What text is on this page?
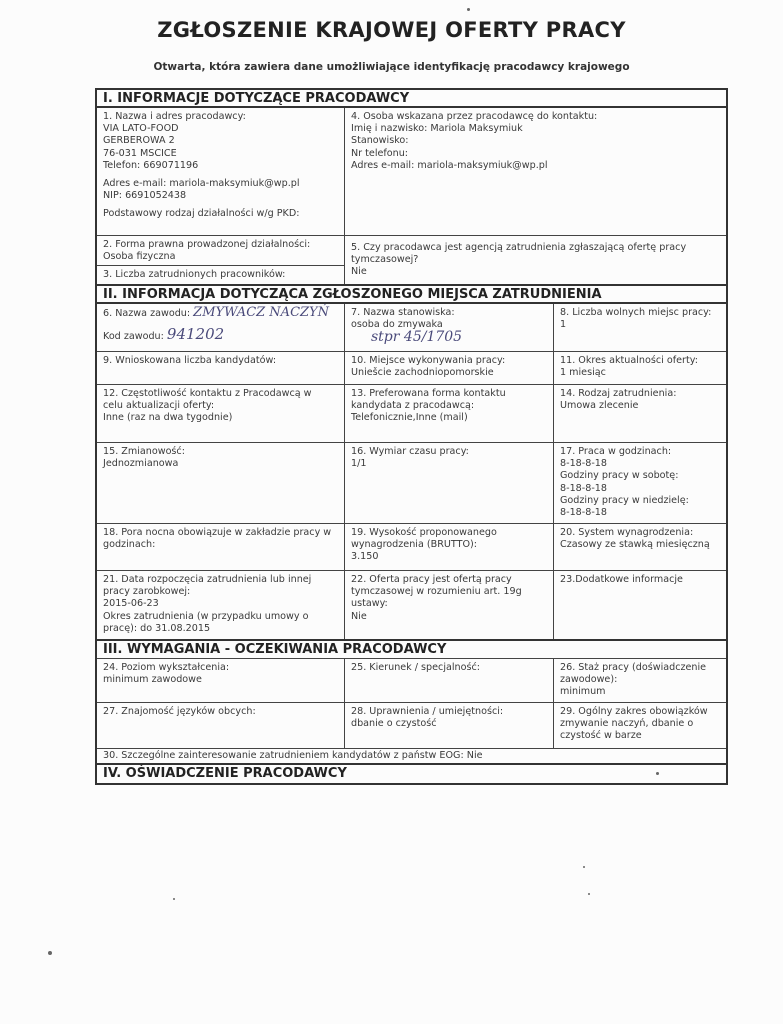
ZGŁOSZENIE KRAJOWEJ OFERTY PRACY
Otwarta, która zawiera dane umożliwiające identyfikację pracodawcy krajowego
I. INFORMACJE DOTYCZĄCE PRACODAWCY
1. Nazwa i adres pracodawcy:
VIA LATO-FOOD
GERBEROWA 2
76-031 MSCICE
Telefon: 669071196
Adres e-mail: mariola-maksymiuk@wp.pl
NIP: 6691052438
Podstawowy rodzaj działalności w/g PKD:
4. Osoba wskazana przez pracodawcę do kontaktu:
Imię i nazwisko: Mariola Maksymiuk
Stanowisko:
Nr telefonu:
Adres e-mail: mariola-maksymiuk@wp.pl
2. Forma prawna prowadzonej działalności:
Osoba fizyczna
3. Liczba zatrudnionych pracowników:
5. Czy pracodawca jest agencją zatrudnienia zgłaszającą ofertę pracy
tymczasowej?
Nie
II. INFORMACJA DOTYCZĄCA ZGŁOSZONEGO MIEJSCA ZATRUDNIENIA
6. Nazwa zawodu:
ZMYWACZ NACZYŃ
Kod zawodu:
941202
7. Nazwa stanowiska:
osoba do zmywaka
stpr 45/1705
8. Liczba wolnych miejsc pracy:
1
9. Wnioskowana liczba kandydatów:	10. Miejsce wykonywania pracy:
Uniešcie zachodniopomorskie
11. Okres aktualności oferty:
1 miesiąc
12. Częstotliwość kontaktu z Pracodawcą w
celu aktualizacji oferty:
Inne (raz na dwa tygodnie)
13. Preferowana forma kontaktu
kandydata z pracodawcą:
Telefonicznie,Inne (mail)
14. Rodzaj zatrudnienia:
Umowa zlecenie
15. Zmianowość:
Jednozmianowa
16. Wymiar czasu pracy:
1/1
17. Praca w godzinach:
8-18-8-18
Godziny pracy w sobotę:
8-18-8-18
Godziny pracy w niedzielę:
8-18-8-18
18. Pora nocna obowiązuje w zakładzie pracy w
godzinach:
19. Wysokość proponowanego
wynagrodzenia (BRUTTO):
3.150
20. System wynagrodzenia:
Czasowy ze stawką miesięczną
21. Data rozpoczęcia zatrudnienia lub innej
pracy zarobkowej:
2015-06-23
Okres zatrudnienia (w przypadku umowy o
pracę): do 31.08.2015
22. Oferta pracy jest ofertą pracy
tymczasowej w rozumieniu art. 19g
ustawy:
Nie
23.Dodatkowe informacje
III. WYMAGANIA - OCZEKIWANIA PRACODAWCY
24. Poziom wykształcenia:
minimum zawodowe
25. Kierunek / specjalność:	26. Staż pracy (doświadczenie
zawodowe):
minimum
27. Znajomość języków obcych:	28. Uprawnienia / umiejętności:
dbanie o czystość
29. Ogólny zakres obowiązków
zmywanie naczyń, dbanie o
czystość w barze
30. Szczególne zainteresowanie zatrudnieniem kandydatów z państw EOG: Nie
IV. OŚWIADCZENIE PRACODAWCY
